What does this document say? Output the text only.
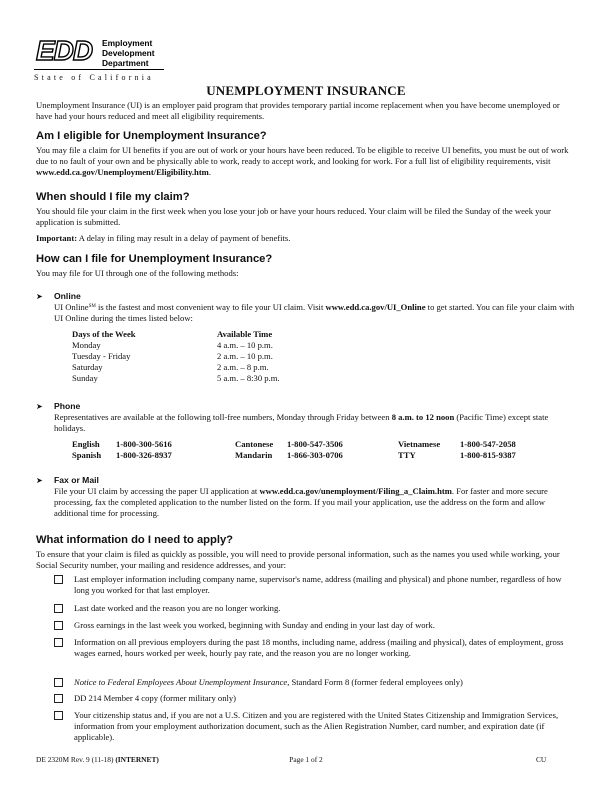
EDD Employment
Development
Department
State of California
UNEMPLOYMENT INSURANCE
Unemployment Insurance (UI) is an employer paid program that provides temporary partial income replacement when you have become unemployed or have had your hours reduced and meet all eligibility requirements.
Am I eligible for Unemployment Insurance?
You may file a claim for UI benefits if you are out of work or your hours have been reduced. To be eligible to receive UI benefits, you must be out of work due to no fault of your own and be physically able to work, ready to accept work, and looking for work. For a full list of eligibility requirements, visit www.edd.ca.gov/Unemployment/Eligibility.htm.
When should I file my claim?
You should file your claim in the first week when you lose your job or have your hours reduced. Your claim will be filed the Sunday of the week your application is submitted.
Important: A delay in filing may result in a delay of payment of benefits.
How can I file for Unemployment Insurance?
You may file for UI through one of the following methods:
➤ Online
UI Online℠ is the fastest and most convenient way to file your UI claim. Visit www.edd.ca.gov/UI_Online to get started. You can file your claim with UI Online during the times listed below:
Days of the Week	Available Time
Monday	4 a.m. – 10 p.m.
Tuesday - Friday	2 a.m. – 10 p.m.
Saturday	2 a.m. – 8 p.m.
Sunday	5 a.m. – 8:30 p.m.
➤ Phone
Representatives are available at the following toll-free numbers, Monday through Friday between 8 a.m. to 12 noon (Pacific Time) except state holidays.
English	1-800-300-5616	Cantonese	1-800-547-3506	Vietnamese	1-800-547-2058
Spanish	1-800-326-8937	Mandarin	1-866-303-0706	TTY	1-800-815-9387
➤ Fax or Mail
File your UI claim by accessing the paper UI application at www.edd.ca.gov/unemployment/Filing_a_Claim.htm. For faster and more secure processing, fax the completed application to the number listed on the form. If you mail your application, use the address on the form and allow additional time for processing.
What information do I need to apply?
To ensure that your claim is filed as quickly as possible, you will need to provide personal information, such as the names you used while working, your Social Security number, your mailing and residence addresses, and your:
Last employer information including company name, supervisor's name, address (mailing and physical) and phone number, regardless of how long you worked for that last employer.
Last date worked and the reason you are no longer working.
Gross earnings in the last week you worked, beginning with Sunday and ending in your last day of work.
Information on all previous employers during the past 18 months, including name, address (mailing and physical), dates of employment, gross wages earned, hours worked per week, hourly pay rate, and the reason you are no longer working.
Notice to Federal Employees About Unemployment Insurance, Standard Form 8 (former federal employees only)
DD 214 Member 4 copy (former military only)
Your citizenship status and, if you are not a U.S. Citizen and you are registered with the United States Citizenship and Immigration Services, information from your employment authorization document, such as the Alien Registration Number, card number, and expiration date (if applicable).
DE 2320M Rev. 9 (11-18) (INTERNET)	Page 1 of 2	CU
